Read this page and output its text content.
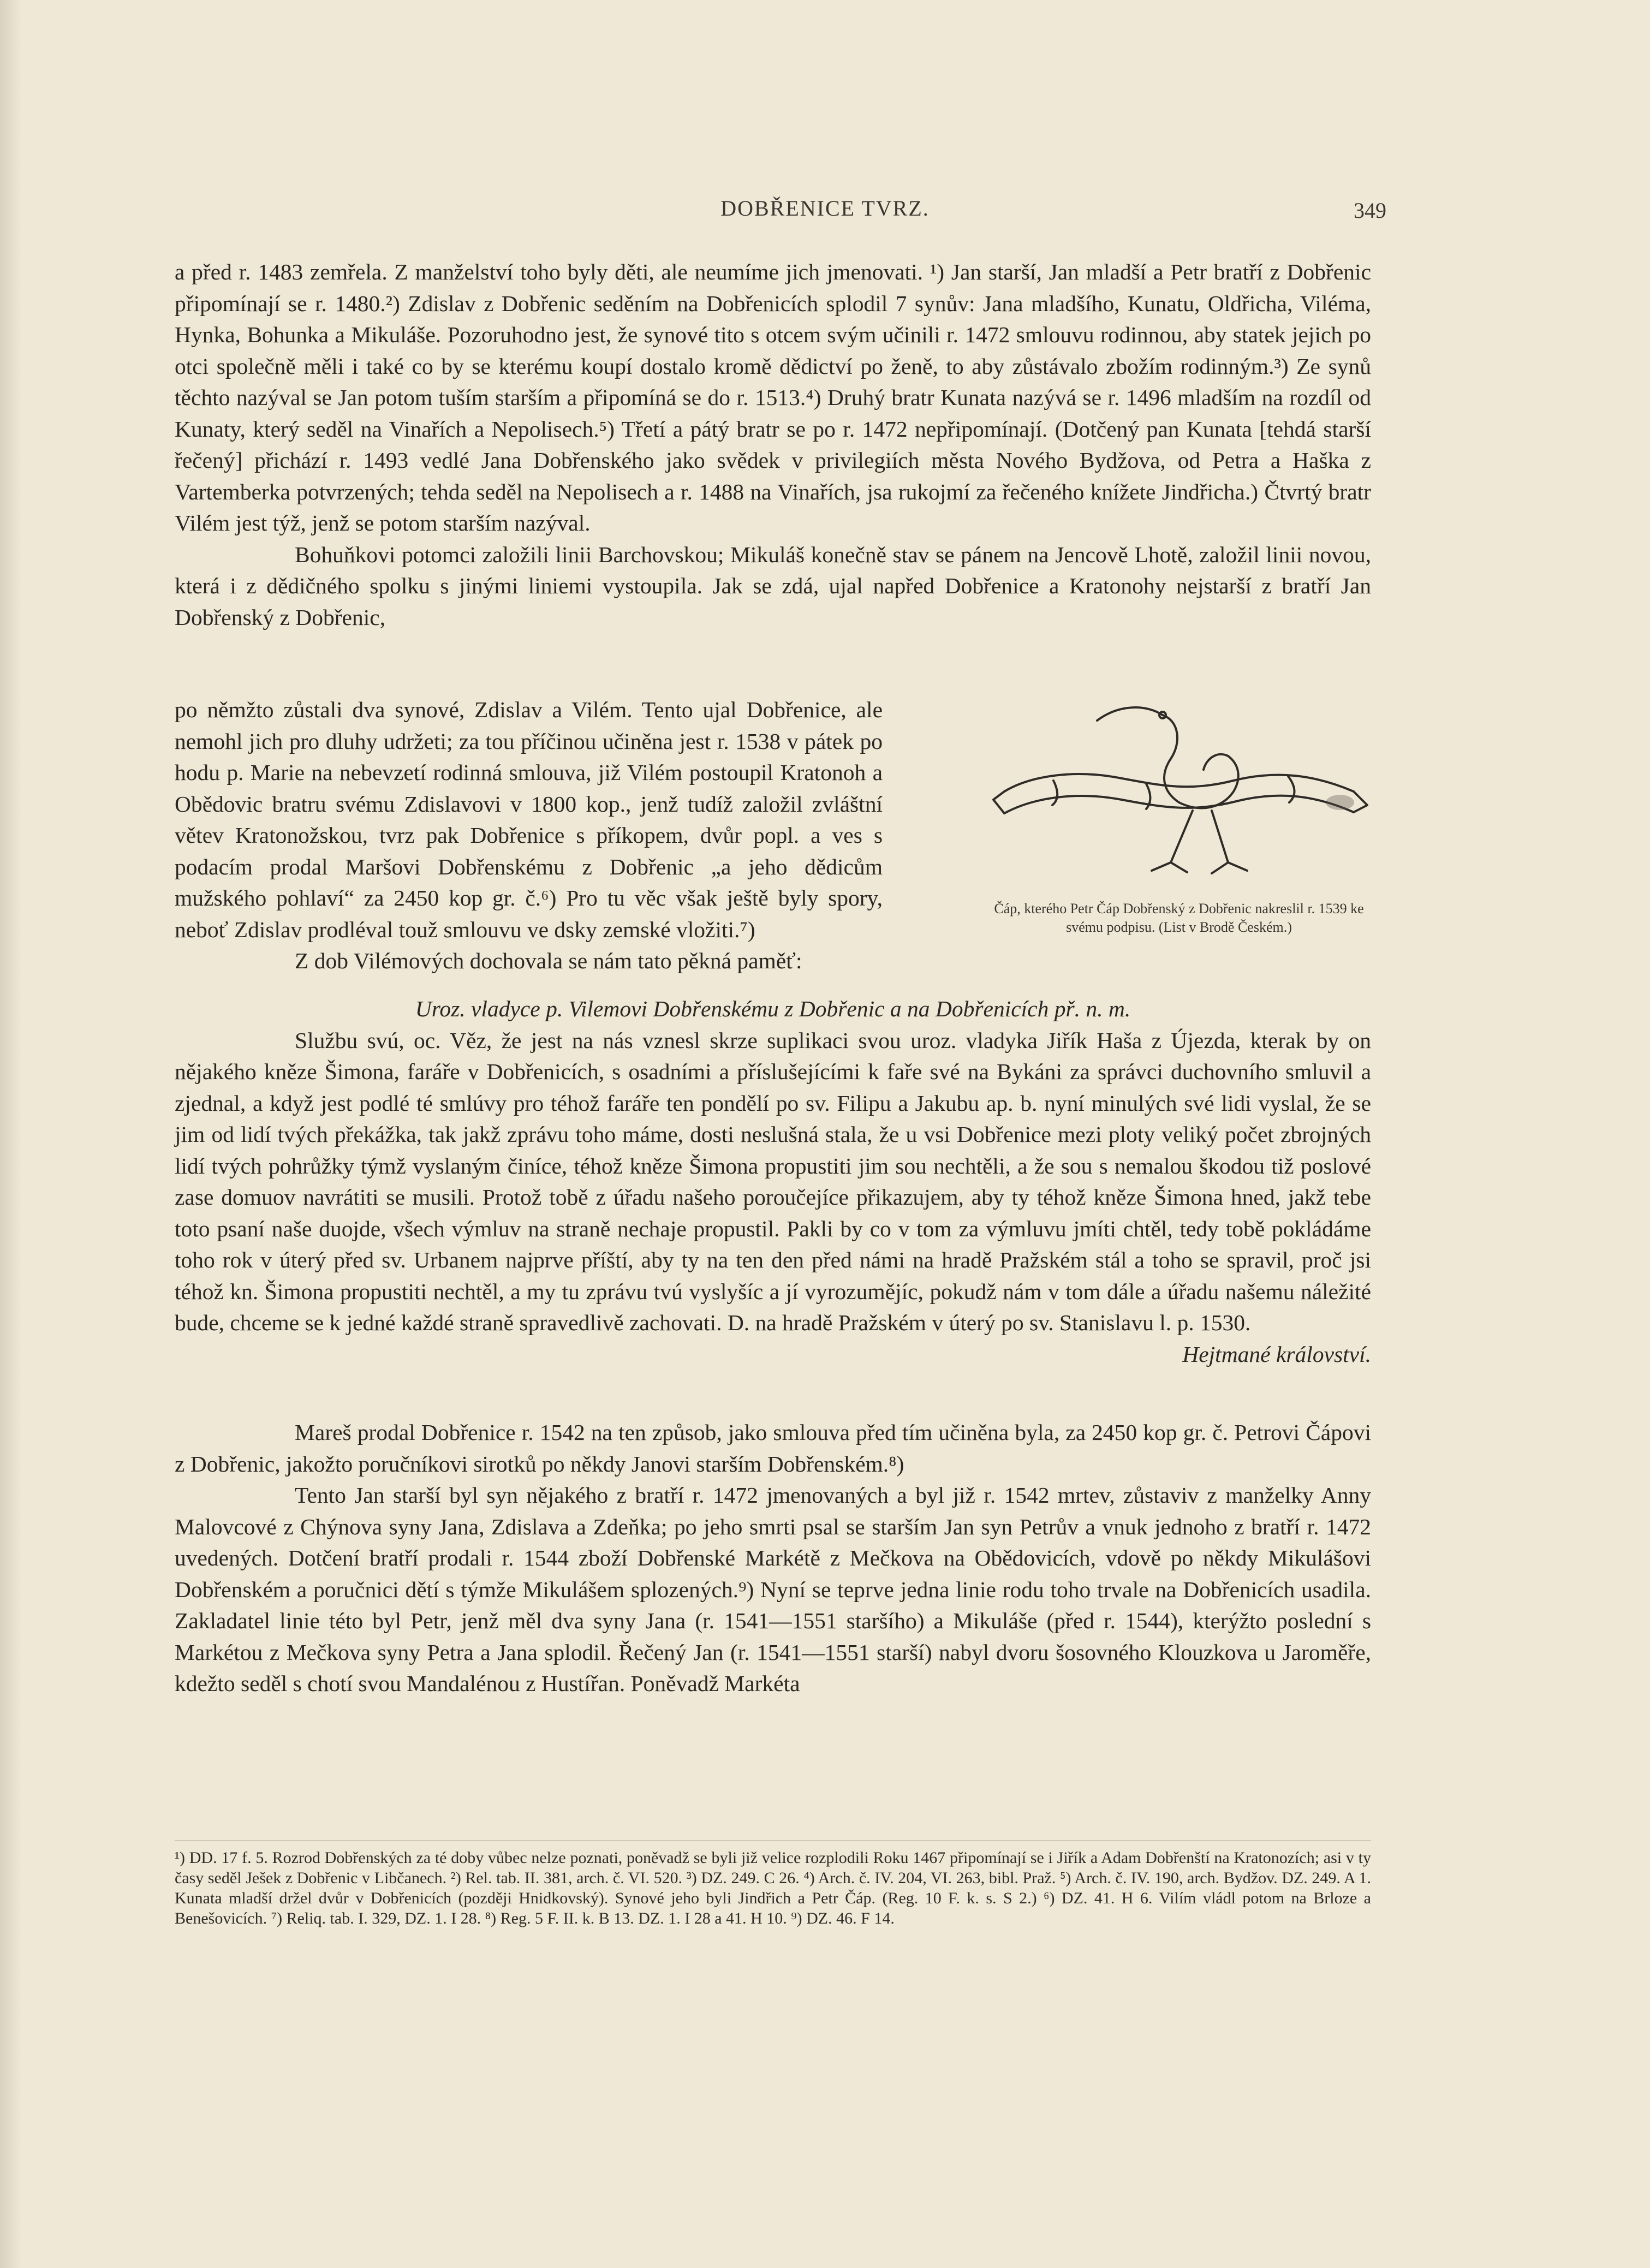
DOBŘENICE TVRZ.	349

a před r. 1483 zemřela. Z manželství toho byly děti, ale neumíme jich jmenovati. ¹) Jan starší, Jan mladší a Petr bratří z Dobřenic připomínají se r. 1480.²) Zdislav z Dobřenic seděním na Dobřenicích splodil 7 synův: Jana mladšího, Kunatu, Oldřicha, Viléma, Hynka, Bohunka a Mikuláše. Pozoruhodno jest, že synové tito s otcem svým učinili r. 1472 smlouvu rodinnou, aby statek jejich po otci společně měli i také co by se kterému koupí dostalo kromě dědictví po ženě, to aby zůstávalo zbožím rodinným.³) Ze synů těchto nazýval se Jan potom tuším starším a připomíná se do r. 1513.⁴) Druhý bratr Kunata nazývá se r. 1496 mladším na rozdíl od Kunaty, který seděl na Vinařích a Nepolisech.⁵) Třetí a pátý bratr se po r. 1472 nepřipomínají. (Dotčený pan Kunata [tehdá starší řečený] přichází r. 1493 vedlé Jana Dobřenského jako svědek v privilegiích města Nového Bydžova, od Petra a Haška z Vartemberka potvrzených; tehda seděl na Nepolisech a r. 1488 na Vinařích, jsa rukojmí za řečeného knížete Jindřicha.) Čtvrtý bratr Vilém jest týž, jenž se potom starším nazýval.

Bohuňkovi potomci založili linii Barchovskou; Mikuláš konečně stav se pánem na Jencově Lhotě, založil linii novou, která i z dědičného spolku s jinými liniemi vystoupila. Jak se zdá, ujal napřed Dobřenice a Kratonohy nejstarší z bratří Jan Dobřenský z Dobřenic,

po němžto zůstali dva synové, Zdislav a Vilém. Tento ujal Dobřenice, ale nemohl jich pro dluhy udržeti; za tou příčinou učiněna jest r. 1538 v pátek po hodu p. Marie na nebevzetí rodinná smlouva, již Vilém postoupil Kratonoh a Obědovic bratru svému Zdislavovi v 1800 kop., jenž tudíž založil zvláštní větev Kratonožskou, tvrz pak Dobřenice s příkopem, dvůr popl. a ves s podacím prodal Maršovi Dobřenskému z Dobřenic „a jeho dědicům mužského pohlaví“ za 2450 kop gr. č.⁶) Pro tu věc však ještě byly spory, neboť Zdislav prodléval touž smlouvu ve dsky zemské vložiti.⁷)

Z dob Vilémových dochovala se nám tato pěkná paměť:

Čáp, kterého Petr Čáp Dobřenský z Dobřenic nakreslil r. 1539 ke svému podpisu. (List v Brodě Českém.)

Uroz. vladyce p. Vilemovi Dobřenskému z Dobřenic a na Dobřenicích př. n. m.

Službu svú, oc. Věz, že jest na nás vznesl skrze suplikaci svou uroz. vladyka Jiřík Haša z Újezda, kterak by on nějakého kněze Šimona, faráře v Dobřenicích, s osadními a příslušejícími k faře své na Bykáni za správci duchovního smluvil a zjednal, a když jest podlé té smlúvy pro téhož faráře ten pondělí po sv. Filipu a Jakubu ap. b. nyní minulých své lidi vyslal, že se jim od lidí tvých překážka, tak jakž zprávu toho máme, dosti neslušná stala, že u vsi Dobřenice mezi ploty veliký počet zbrojných lidí tvých pohrůžky týmž vyslaným činíce, téhož kněze Šimona propustiti jim sou nechtěli, a že sou s nemalou škodou tiž poslové zase domuov navrátiti se musili. Protož tobě z úřadu našeho poroučejíce přikazujem, aby ty téhož kněze Šimona hned, jakž tebe toto psaní naše duojde, všech výmluv na straně nechaje propustil. Pakli by co v tom za výmluvu jmíti chtěl, tedy tobě pokládáme toho rok v úterý před sv. Urbanem najprve příští, aby ty na ten den před námi na hradě Pražském stál a toho se spravil, proč jsi téhož kn. Šimona propustiti nechtěl, a my tu zprávu tvú vyslyšíc a jí vyrozumějíc, pokudž nám v tom dále a úřadu našemu náležité bude, chceme se k jedné každé straně spravedlivě zachovati. D. na hradě Pražském v úterý po sv. Stanislavu l. p. 1530.

Hejtmané království.

Mareš prodal Dobřenice r. 1542 na ten způsob, jako smlouva před tím učiněna byla, za 2450 kop gr. č. Petrovi Čápovi z Dobřenic, jakožto poručníkovi sirotků po někdy Janovi starším Dobřenském.⁸)

Tento Jan starší byl syn nějakého z bratří r. 1472 jmenovaných a byl již r. 1542 mrtev, zůstaviv z manželky Anny Malovcové z Chýnova syny Jana, Zdislava a Zdeňka; po jeho smrti psal se starším Jan syn Petrův a vnuk jednoho z bratří r. 1472 uvedených. Dotčení bratří prodali r. 1544 zboží Dobřenské Markétě z Mečkova na Obědovicích, vdově po někdy Mikulášovi Dobřenském a poručnici dětí s týmže Mikulášem splozených.⁹) Nyní se teprve jedna linie rodu toho trvale na Dobřenicích usadila. Zakladatel linie této byl Petr, jenž měl dva syny Jana (r. 1541—1551 staršího) a Mikuláše (před r. 1544), kterýžto poslední s Markétou z Mečkova syny Petra a Jana splodil. Řečený Jan (r. 1541—1551 starší) nabyl dvoru šosovného Klouzkova u Jaroměře, kdežto seděl s chotí svou Mandalénou z Hustířan. Poněvadž Markéta

¹) DD. 17 f. 5. Rozrod Dobřenských za té doby vůbec nelze poznati, poněvadž se byli již velice rozplodili Roku 1467 připomínají se i Jiřík a Adam Dobřenští na Kratonozích; asi v ty časy seděl Ješek z Dobřenic v Libčanech. ²) Rel. tab. II. 381, arch. č. VI. 520. ³) DZ. 249. C 26. ⁴) Arch. č. IV. 204, VI. 263, bibl. Praž. ⁵) Arch. č. IV. 190, arch. Bydžov. DZ. 249. A 1. Kunata mladší držel dvůr v Dobřenicích (později Hnidkovský). Synové jeho byli Jindřich a Petr Čáp. (Reg. 10 F. k. s. S 2.) ⁶) DZ. 41. H 6. Vilím vládl potom na Brloze a Benešovicích. ⁷) Reliq. tab. I. 329, DZ. 1. I 28. ⁸) Reg. 5 F. II. k. B 13. DZ. 1. I 28 a 41. H 10. ⁹) DZ. 46. F 14.
